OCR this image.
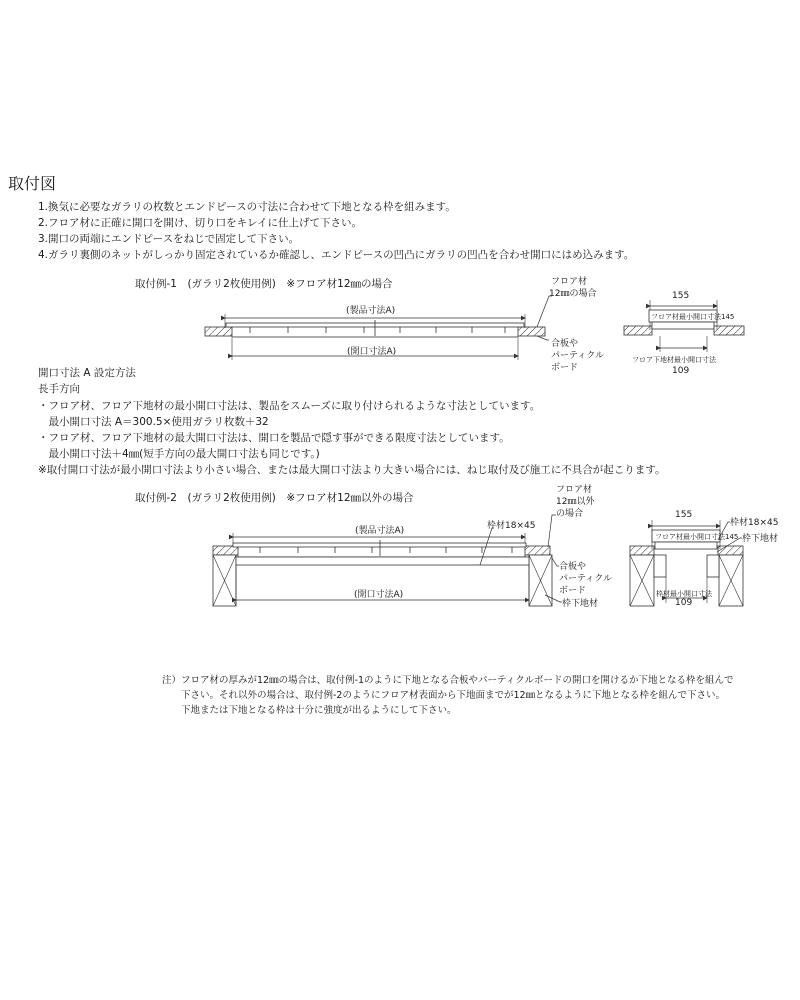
取付図
1.換気に必要なガラリの枚数とエンドピースの寸法に合わせて下地となる枠を組みます。
2.フロア材に正確に開口を開け、切り口をキレイに仕上げて下さい。
3.開口の両端にエンドピースをねじで固定して下さい。
4.ガラリ裏側のネットがしっかり固定されているか確認し、エンドピースの凹凸にガラリの凹凸を合わせ開口にはめ込みます。
取付例-1　(ガラリ2枚使用例)　※フロア材12㎜の場合
(製品寸法A)
(開口寸法A)
フロア材
12㎜の場合
合板や
パーティクル
ボード
155
フロア材最小開口寸法145
フロア下地材最小開口寸法
109
開口寸法 A 設定方法
長手方向
・フロア材、フロア下地材の最小開口寸法は、製品をスムーズに取り付けられるような寸法としています。
　最小開口寸法 A＝300.5×使用ガラリ枚数＋32
・フロア材、フロア下地材の最大開口寸法は、開口を製品で隠す事ができる限度寸法としています。
　最小開口寸法＋4㎜(短手方向の最大開口寸法も同じです。)
※取付開口寸法が最小開口寸法より小さい場合、または最大開口寸法より大きい場合には、ねじ取付及び施工に不具合が起こります。
取付例-2　(ガラリ2枚使用例)　※フロア材12㎜以外の場合
(製品寸法A)	枠材18×45
(開口寸法A)
フロア材
12㎜以外
の場合
合板や
パーティクル
ボード
枠下地材
155
フロア材最小開口寸法145
枠材18×45
枠下地材
枠材最小開口寸法
109
注）フロア材の厚みが12㎜の場合は、取付例-1のように下地となる合板やパーティクルボードの開口を開けるか下地となる枠を組んで
　　下さい。それ以外の場合は、取付例-2のようにフロア材表面から下地面までが12㎜となるように下地となる枠を組んで下さい。
　　下地または下地となる枠は十分に強度が出るようにして下さい。
